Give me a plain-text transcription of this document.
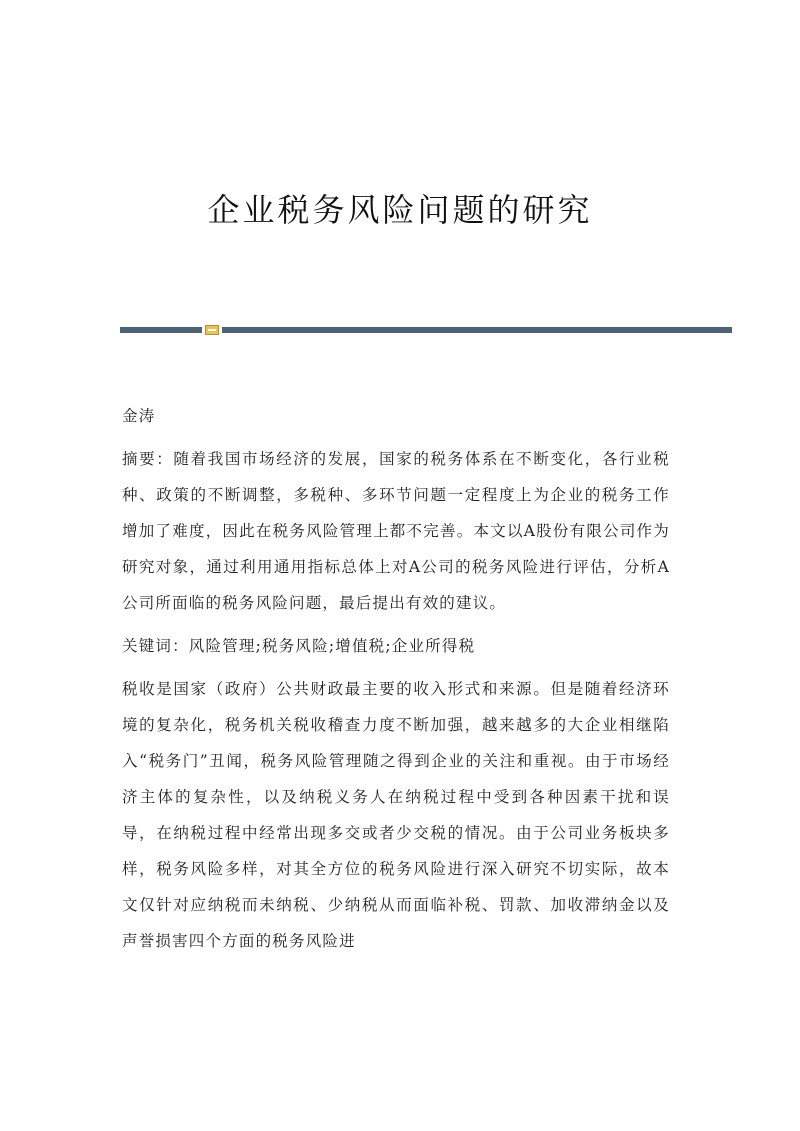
企业税务风险问题的研究

金涛

摘要：随着我国市场经济的发展，国家的税务体系在不断变化，各行业税种、政策的不断调整，多税种、多环节问题一定程度上为企业的税务工作增加了难度，因此在税务风险管理上都不完善。本文以A股份有限公司作为研究对象，通过利用通用指标总体上对A公司的税务风险进行评估，分析A公司所面临的税务风险问题，最后提出有效的建议。

关键词：风险管理;税务风险;增值税;企业所得税

税收是国家（政府）公共财政最主要的收入形式和来源。但是随着经济环境的复杂化，税务机关税收稽查力度不断加强，越来越多的大企业相继陷入“税务门”丑闻，税务风险管理随之得到企业的关注和重视。由于市场经济主体的复杂性，以及纳税义务人在纳税过程中受到各种因素干扰和误导，在纳税过程中经常出现多交或者少交税的情况。由于公司业务板块多样，税务风险多样，对其全方位的税务风险进行深入研究不切实际，故本文仅针对应纳税而未纳税、少纳税从而面临补税、罚款、加收滞纳金以及声誉损害四个方面的税务风险进
